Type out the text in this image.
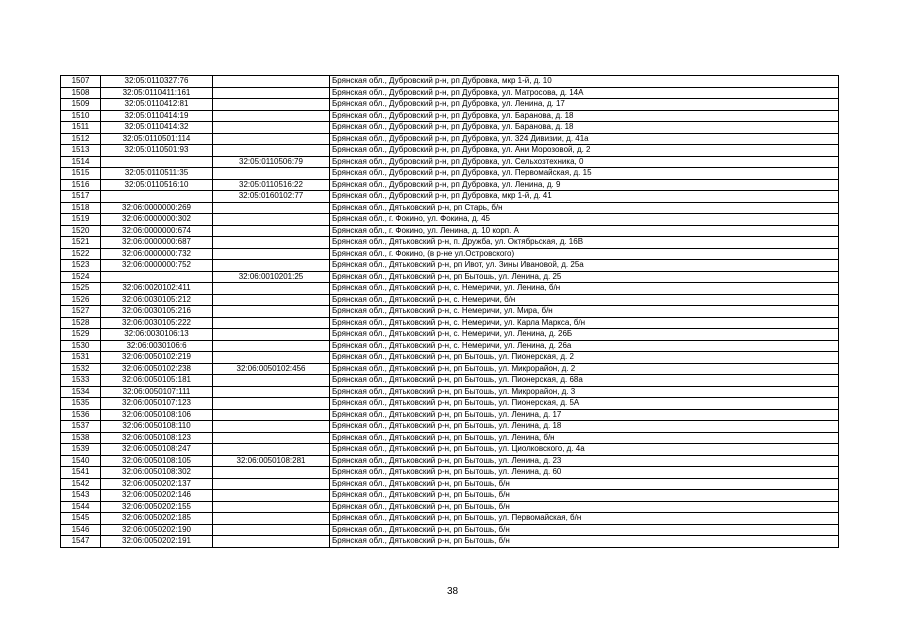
1507	32:05:0110327:76		Брянская обл., Дубровский р-н, рп Дубровка, мкр 1-й, д. 10
1508	32:05:0110411:161		Брянская обл., Дубровский р-н, рп Дубровка, ул. Матросова, д. 14А
1509	32:05:0110412:81		Брянская обл., Дубровский р-н, рп Дубровка, ул. Ленина, д. 17
1510	32:05:0110414:19		Брянская обл., Дубровский р-н, рп Дубровка, ул. Баранова, д. 18
1511	32:05:0110414:32		Брянская обл., Дубровский р-н, рп Дубровка, ул. Баранова, д. 18
1512	32:05:0110501:114		Брянская обл., Дубровский р-н, рп Дубровка, ул. 324 Дивизии, д. 41а
1513	32:05:0110501:93		Брянская обл., Дубровский р-н, рп Дубровка, ул. Ани Морозовой, д. 2
1514		32:05:0110506:79	Брянская обл., Дубровский р-н, рп Дубровка, ул. Сельхозтехника, 0
1515	32:05:0110511:35		Брянская обл., Дубровский р-н, рп Дубровка, ул. Первомайская, д. 15
1516	32:05:0110516:10	32:05:0110516:22	Брянская обл., Дубровский р-н, рп Дубровка, ул. Ленина, д. 9
1517		32:05:0160102:77	Брянская обл., Дубровский р-н, рп Дубровка, мкр 1-й, д. 41
1518	32:06:0000000:269		Брянская обл., Дятьковский р-н, рп Старь, б/н
1519	32:06:0000000:302		Брянская обл., г. Фокино, ул. Фокина, д. 45
1520	32:06:0000000:674		Брянская обл., г. Фокино, ул. Ленина, д. 10 корп. А
1521	32:06:0000000:687		Брянская обл., Дятьковский р-н, п. Дружба, ул. Октябрьская, д. 16В
1522	32:06:0000000:732		Брянская обл., г. Фокино, (в р-не ул.Островского)
1523	32:06:0000000:752		Брянская обл., Дятьковский р-н, рп Ивот, ул. Зины Ивановой, д. 25а
1524		32:06:0010201:25	Брянская обл., Дятьковский р-н, рп Бытошь, ул. Ленина, д. 25
1525	32:06:0020102:411		Брянская обл., Дятьковский р-н, с. Немеричи, ул. Ленина, б/н
1526	32:06:0030105:212		Брянская обл., Дятьковский р-н, с. Немеричи, б/н
1527	32:06:0030105:216		Брянская обл., Дятьковский р-н, с. Немеричи, ул. Мира, б/н
1528	32:06:0030105:222		Брянская обл., Дятьковский р-н, с. Немеричи, ул. Карла Маркса, б/н
1529	32:06:0030106:13		Брянская обл., Дятьковский р-н, с. Немеричи, ул. Ленина, д. 26Б
1530	32:06:0030106:6		Брянская обл., Дятьковский р-н, с. Немеричи, ул. Ленина, д. 26а
1531	32:06:0050102:219		Брянская обл., Дятьковский р-н, рп Бытошь, ул. Пионерская, д. 2
1532	32:06:0050102:238	32:06:0050102:456	Брянская обл., Дятьковский р-н, рп Бытошь, ул. Микрорайон, д. 2
1533	32:06:0050105:181		Брянская обл., Дятьковский р-н, рп Бытошь, ул. Пионерская, д. 68а
1534	32:06:0050107:111		Брянская обл., Дятьковский р-н, рп Бытошь, ул. Микрорайон, д. 3
1535	32:06:0050107:123		Брянская обл., Дятьковский р-н, рп Бытошь, ул. Пионерская, д. 5А
1536	32:06:0050108:106		Брянская обл., Дятьковский р-н, рп Бытошь, ул. Ленина, д. 17
1537	32:06:0050108:110		Брянская обл., Дятьковский р-н, рп Бытошь, ул. Ленина, д. 18
1538	32:06:0050108:123		Брянская обл., Дятьковский р-н, рп Бытошь, ул. Ленина, б/н
1539	32:06:0050108:247		Брянская обл., Дятьковский р-н, рп Бытошь, ул. Циолковского, д. 4а
1540	32:06:0050108:105	32:06:0050108:281	Брянская обл., Дятьковский р-н, рп Бытошь, ул. Ленина, д. 23
1541	32:06:0050108:302		Брянская обл., Дятьковский р-н, рп Бытошь, ул. Ленина, д. 60
1542	32:06:0050202:137		Брянская обл., Дятьковский р-н, рп Бытошь, б/н
1543	32:06:0050202:146		Брянская обл., Дятьковский р-н, рп Бытошь, б/н
1544	32:06:0050202:155		Брянская обл., Дятьковский р-н, рп Бытошь, б/н
1545	32:06:0050202:185		Брянская обл., Дятьковский р-н, рп Бытошь, ул. Первомайская, б/н
1546	32:06:0050202:190		Брянская обл., Дятьковский р-н, рп Бытошь, б/н
1547	32:06:0050202:191		Брянская обл., Дятьковский р-н, рп Бытошь, б/н
38
